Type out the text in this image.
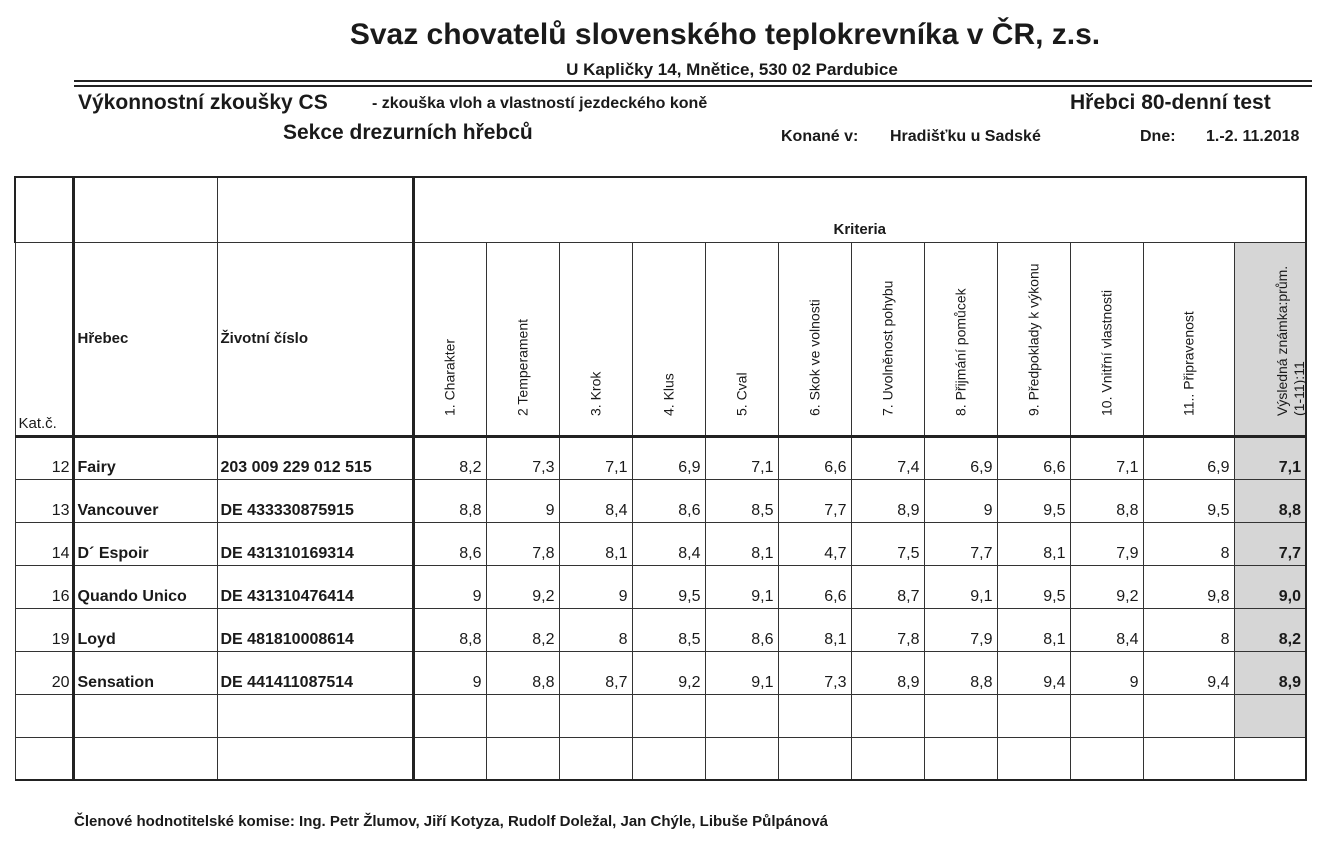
Svaz chovatelů slovenského teplokrevníka v ČR, z.s.
U Kapličky 14, Mnětice, 530 02 Pardubice
Výkonnostní zkoušky CS	- zkouška vloh a vlastností jezdeckého koně	Hřebci 80-denní test
Sekce drezurních hřebců	Konané v: Hradišťku u Sadské	Dne: 1.-2. 11.2018
			Kriteria											
Kat.č.	Hřebec	Životní číslo	1. Charakter	2 Temperament	3. Krok	4. Klus	5. Cval	6. Skok ve volnosti	7. Uvolněnost pohybu	8. Přijmání pomůcek	9. Předpoklady k výkonu	10. Vnitřní vlastnosti	11.. Připravenost	Výsledná známka:prům. (1-11):11

12	Fairy	203 009 229 012 515	8,2	7,3	7,1	6,9	7,1	6,6	7,4	6,9	6,6	7,1	6,9	7,1
13	Vancouver	DE 433330875915	8,8	9	8,4	8,6	8,5	7,7	8,9	9	9,5	8,8	9,5	8,8
14	D´ Espoir	DE 431310169314	8,6	7,8	8,1	8,4	8,1	4,7	7,5	7,7	8,1	7,9	8	7,7
16	Quando Unico	DE 431310476414	9	9,2	9	9,5	9,1	6,6	8,7	9,1	9,5	9,2	9,8	9,0
19	Loyd	DE 481810008614	8,8	8,2	8	8,5	8,6	8,1	7,8	7,9	8,1	8,4	8	8,2
20	Sensation	DE 441411087514	9	8,8	8,7	9,2	9,1	7,3	8,9	8,8	9,4	9	9,4	8,9

Členové hodnotitelské komise: Ing. Petr Žlumov, Jiří Kotyza, Rudolf Doležal, Jan Chýle, Libuše Půlpánová
